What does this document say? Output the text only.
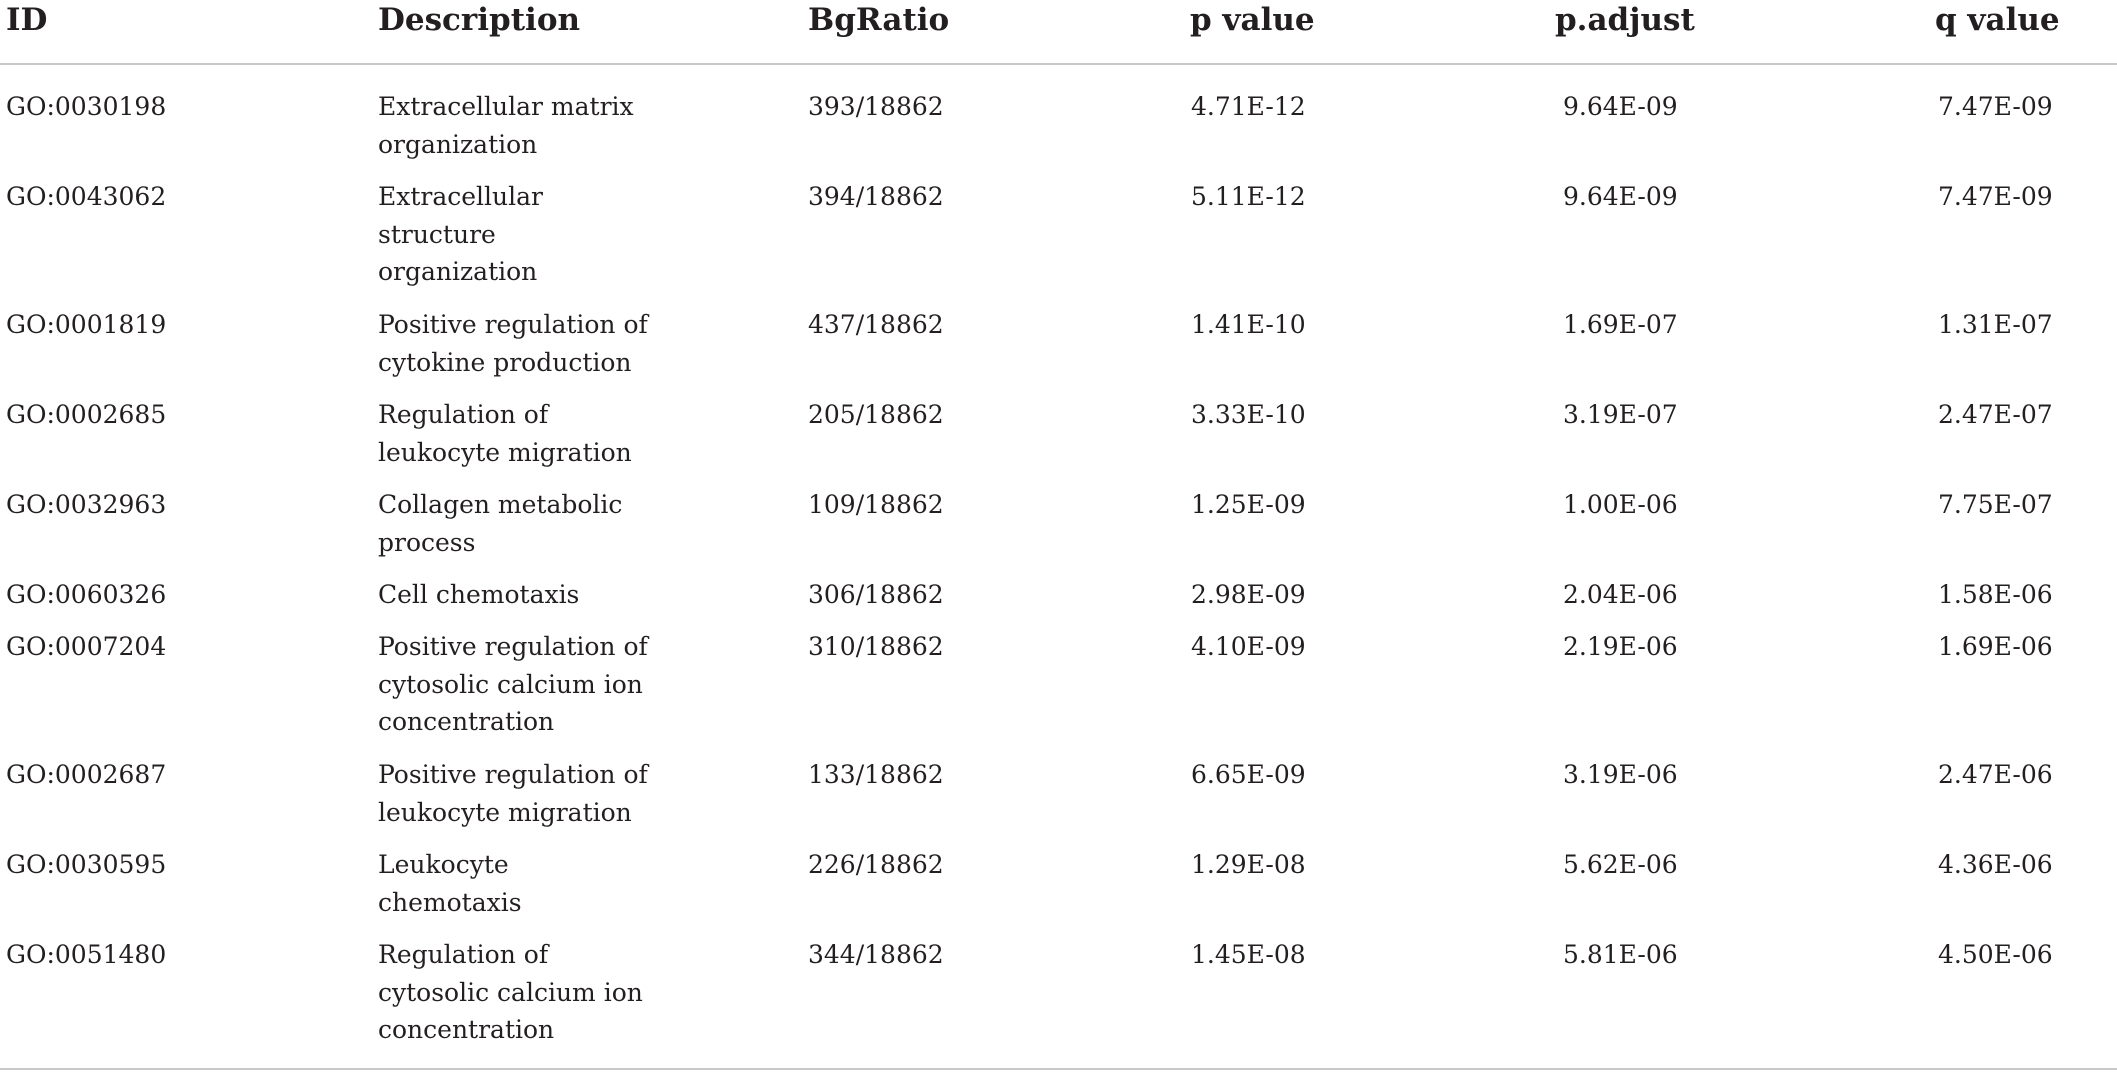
ID	Description	BgRatio	p value	p.adjust	q value
GO:0030198	Extracellular matrix
organization
393/18862	4.71E-12	9.64E-09	7.47E-09
GO:0043062	Extracellular
structure
organization
394/18862	5.11E-12	9.64E-09	7.47E-09
GO:0001819	Positive regulation of
cytokine production
437/18862	1.41E-10	1.69E-07	1.31E-07
GO:0002685	Regulation of
leukocyte migration
205/18862	3.33E-10	3.19E-07	2.47E-07
GO:0032963	Collagen metabolic
process
109/18862	1.25E-09	1.00E-06	7.75E-07
GO:0060326	Cell chemotaxis	306/18862	2.98E-09	2.04E-06	1.58E-06
GO:0007204	Positive regulation of
cytosolic calcium ion
concentration
310/18862	4.10E-09	2.19E-06	1.69E-06
GO:0002687	Positive regulation of
leukocyte migration
133/18862	6.65E-09	3.19E-06	2.47E-06
GO:0030595	Leukocyte
chemotaxis
226/18862	1.29E-08	5.62E-06	4.36E-06
GO:0051480	Regulation of
cytosolic calcium ion
concentration
344/18862	1.45E-08	5.81E-06	4.50E-06
